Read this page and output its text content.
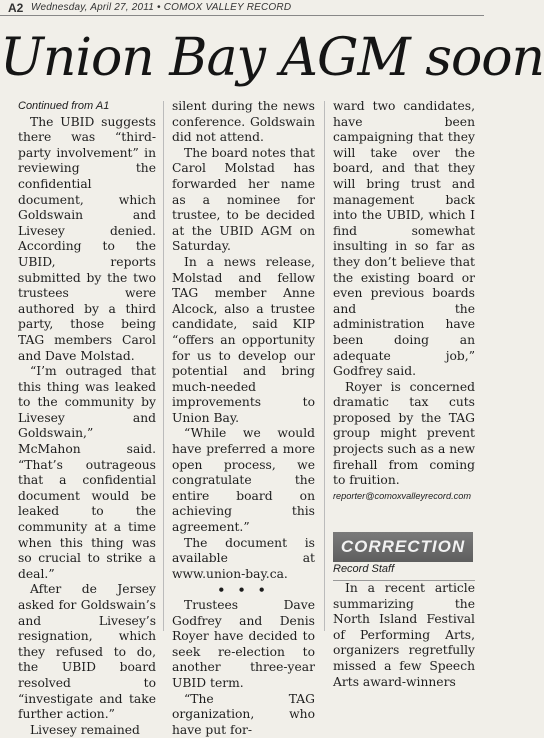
A2 Wednesday, April 27, 2011 • COMOX VALLEY RECORD
Union Bay AGM soon

Continued from A1

The UBID suggests there was “third-party involvement” in reviewing the confidential document, which Goldswain and Livesey denied. According to the UBID, reports submitted by the two trustees were authored by a third party, those being TAG members Carol and Dave Molstad.

“I’m outraged that this thing was leaked to the community by Livesey and Goldswain,” McMahon said. “That’s outrageous that a confidential document would be leaked to the community at a time when this thing was so crucial to strike a deal.”

After de Jersey asked for Goldswain’s and Livesey’s resignation, which they refused to do, the UBID board resolved to “investigate and take further action.”

Livesey remained

silent during the news conference. Goldswain did not attend.

The board notes that Carol Molstad has forwarded her name as a nominee for trustee, to be decided at the UBID AGM on Saturday.

In a news release, Molstad and fellow TAG member Anne Alcock, also a trustee candidate, said KIP “offers an opportunity for us to develop our potential and bring much-needed improvements to Union Bay.

“While we would have preferred a more open process, we congratulate the entire board on achieving this agreement.”

The document is available at www.union-bay.ca.

• • •

Trustees Dave Godfrey and Denis Royer have decided to seek re-election to another three-year UBID term.

“The TAG organization, who have put for-

ward two candidates, have been campaigning that they will take over the board, and that they will bring trust and management back into the UBID, which I find somewhat insulting in so far as they don’t believe that the existing board or even previous boards and the administration have been doing an adequate job,” Godfrey said.

Royer is concerned dramatic tax cuts proposed by the TAG group might prevent projects such as a new firehall from coming to fruition.

reporter@comoxvalleyrecord.com

CORRECTION

Record Staff

In a recent article summarizing the North Island Festival of Performing Arts, organizers regretfully missed a few Speech Arts award-winners
